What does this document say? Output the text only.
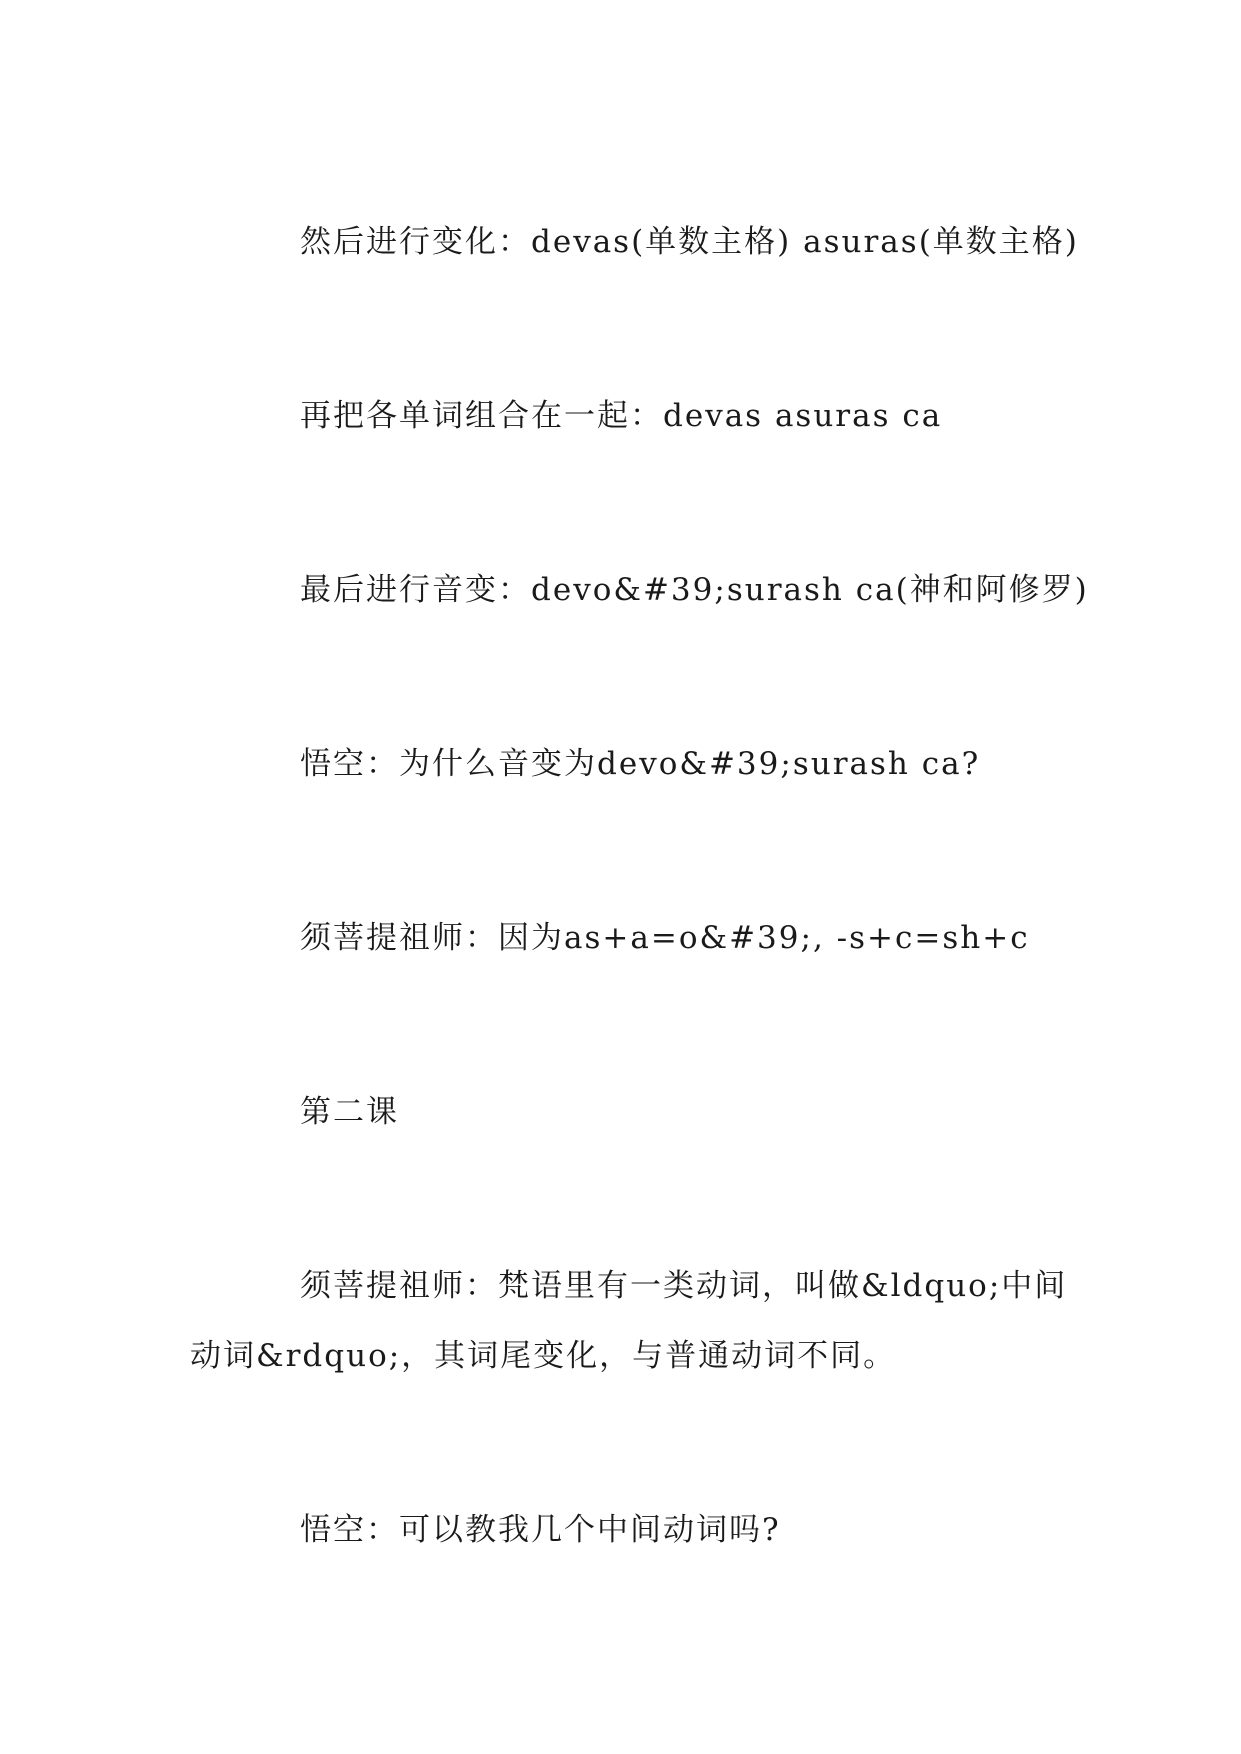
然后进行变化：devas(单数主格) asuras(单数主格)
再把各单词组合在一起：devas asuras ca
最后进行音变：devo&#39;surash ca(神和阿修罗)
悟空：为什么音变为devo&#39;surash ca?
须菩提祖师：因为as+a=o&#39;, -s+c=sh+c
第二课
须菩提祖师：梵语里有一类动词，叫做&ldquo;中间
动词&rdquo;，其词尾变化，与普通动词不同。
悟空：可以教我几个中间动词吗?
